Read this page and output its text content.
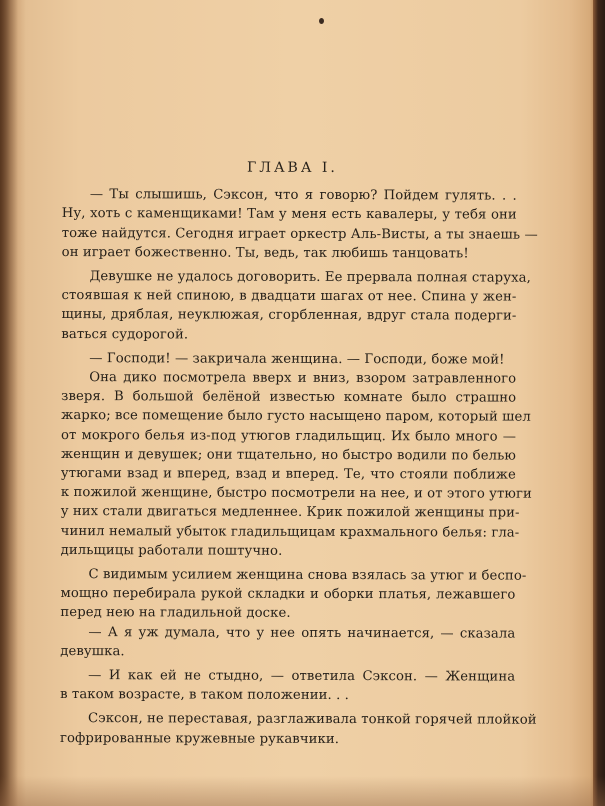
ГЛАВА I.

— Ты слышишь, Сэксон, что я говорю? Пойдем гулять. . .
Ну, хоть с каменщиками! Там у меня есть кавалеры, у тебя они
тоже найдутся. Сегодня играет оркестр Аль-Висты, а ты знаешь —
он играет божественно. Ты, ведь, так любишь танцовать!

Девушке не удалось договорить. Ее прервала полная старуха,
стоявшая к ней спиною, в двадцати шагах от нее. Спина у жен-
щины, дряблая, неуклюжая, сгорбленная, вдруг стала подерги-
ваться судорогой.

— Господи! — закричала женщина. — Господи, боже мой!

Она дико посмотрела вверх и вниз, взором затравленного
зверя. В большой белёной известью комнате было страшно
жарко; все помещение было густо насыщено паром, который шел
от мокрого белья из-под утюгов гладильщиц. Их было много —
женщин и девушек; они тщательно, но быстро водили по белью
утюгами взад и вперед, взад и вперед. Те, что стояли поближе
к пожилой женщине, быстро посмотрели на нее, и от этого утюги
у них стали двигаться медленнее. Крик пожилой женщины при-
чинил немалый убыток гладильщицам крахмального белья: гла-
дильщицы работали поштучно.

С видимым усилием женщина снова взялась за утюг и беспо-
мощно перебирала рукой складки и оборки платья, лежавшего
перед нею на гладильной доске.

— А я уж думала, что у нее опять начинается, — сказала
девушка.

— И как ей не стыдно, — ответила Сэксон. — Женщина
в таком возрасте, в таком положении. . .

Сэксон, не переставая, разглаживала тонкой горячей плойкой
гофрированные кружевные рукавчики.
